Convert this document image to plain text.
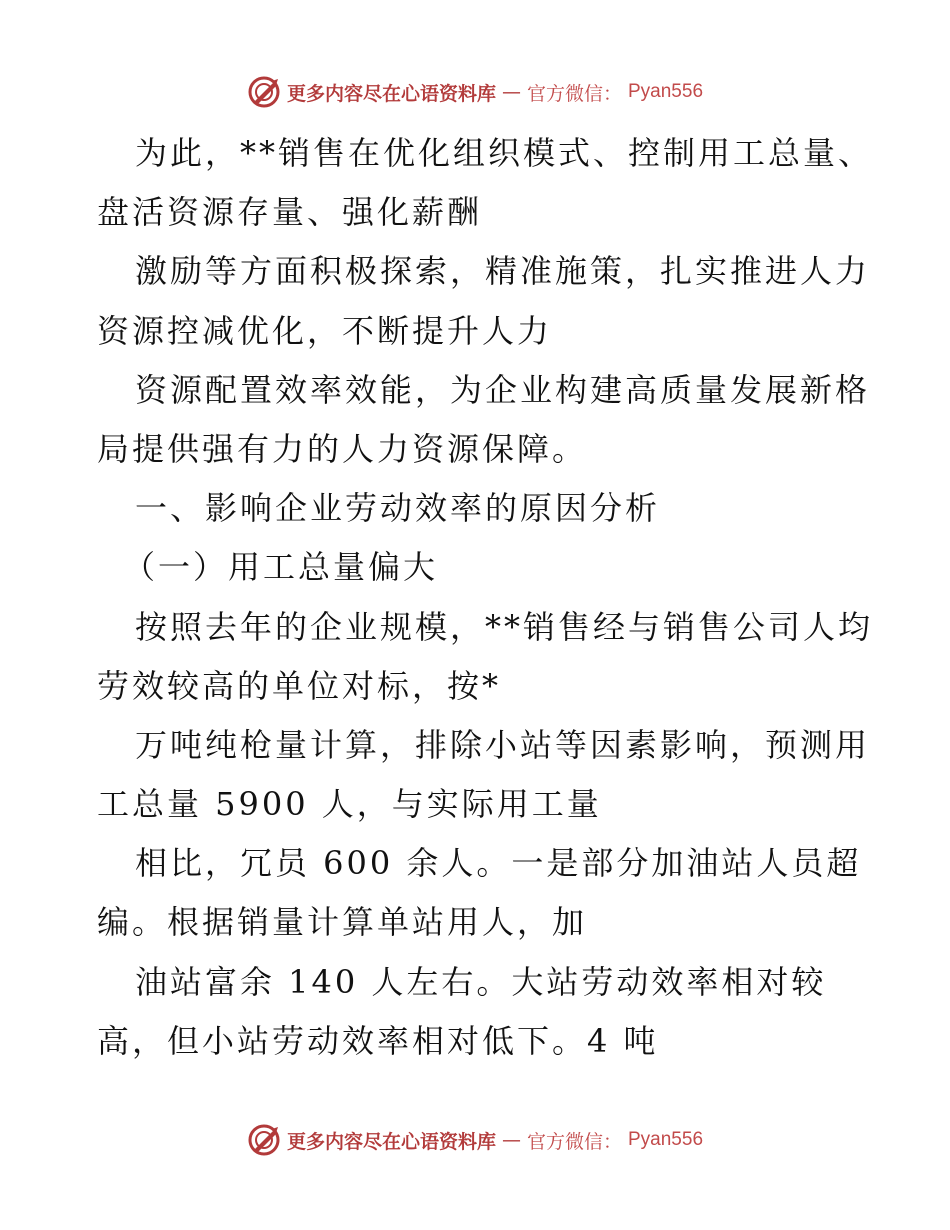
更多内容尽在心语资料库 — 官方微信： Pyan556
为此，**销售在优化组织模式、控制用工总量、
盘活资源存量、强化薪酬
激励等方面积极探索，精准施策，扎实推进人力
资源控减优化，不断提升人力
资源配置效率效能，为企业构建高质量发展新格
局提供强有力的人力资源保障。
一、影响企业劳动效率的原因分析
（一）用工总量偏大
按照去年的企业规模，**销售经与销售公司人均
劳效较高的单位对标，按*
万吨纯枪量计算，排除小站等因素影响，预测用
工总量 5900 人，与实际用工量
相比，冗员 600 余人。一是部分加油站人员超
编。根据销量计算单站用人，加
油站富余 140 人左右。大站劳动效率相对较
高，但小站劳动效率相对低下。4 吨
更多内容尽在心语资料库 — 官方微信： Pyan556
